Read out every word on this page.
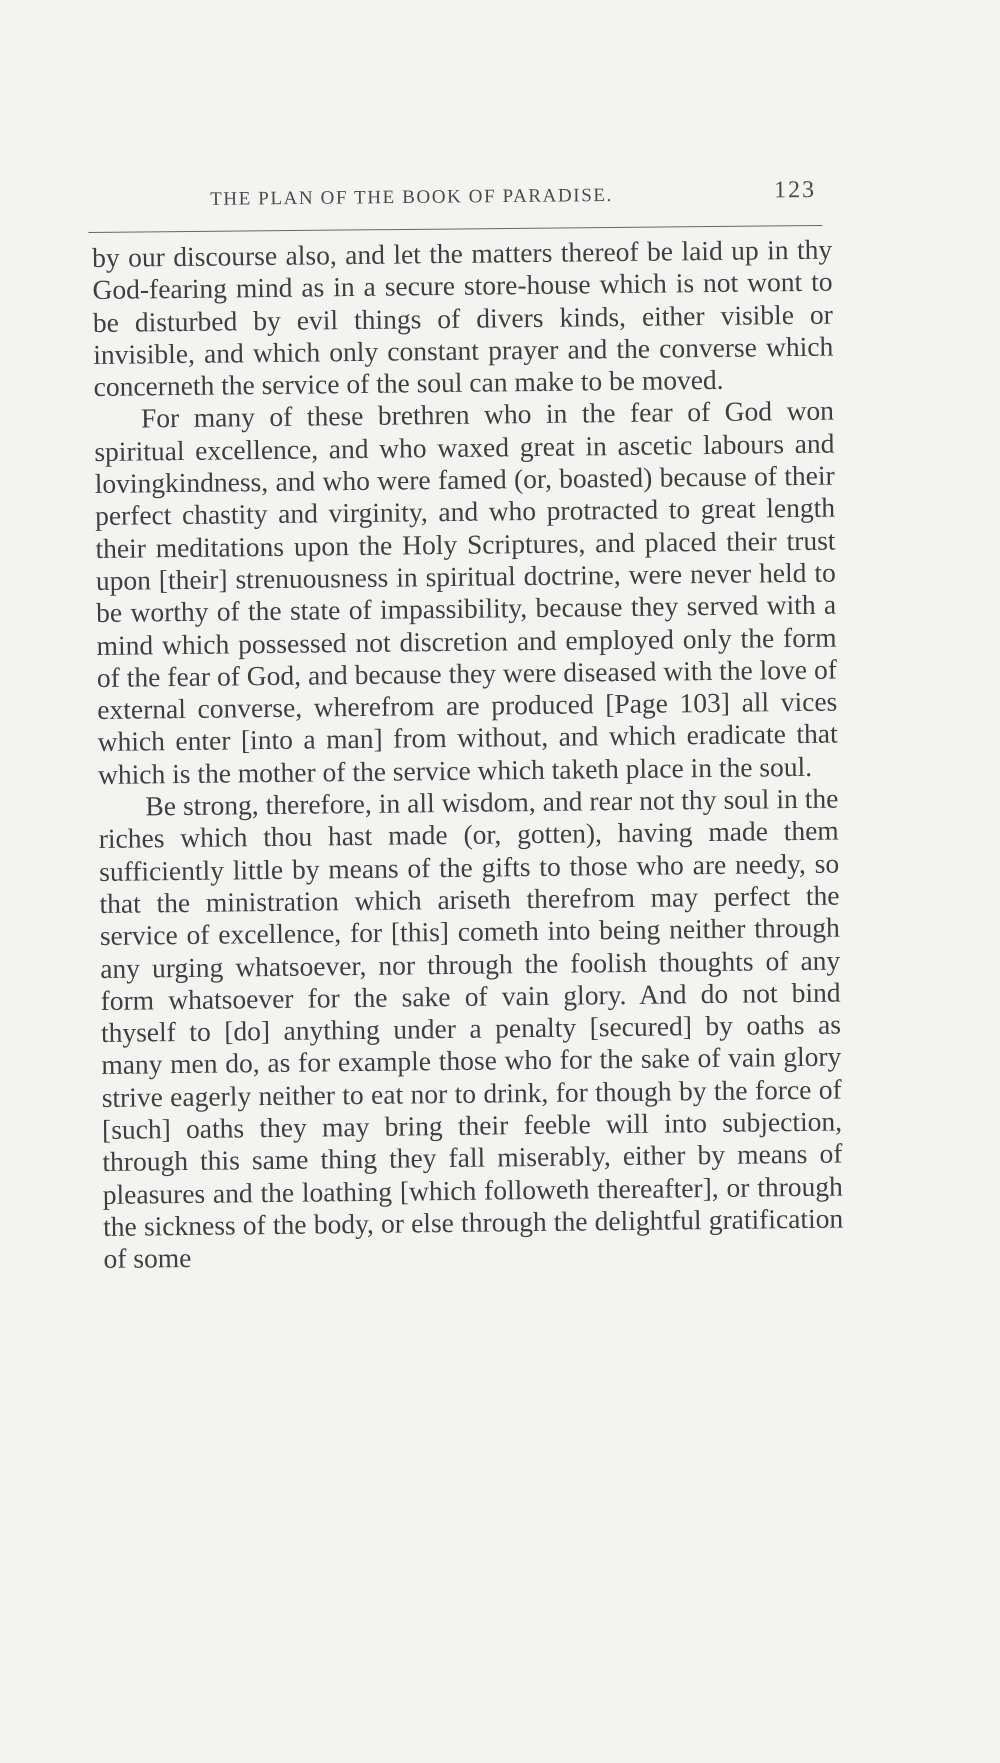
THE PLAN OF THE BOOK OF PARADISE.	123

by our discourse also, and let the matters thereof be laid up in thy God-fearing mind as in a secure store-house which is not wont to be disturbed by evil things of divers kinds, either visible or invisible, and which only constant prayer and the converse which concerneth the service of the soul can make to be moved.

For many of these brethren who in the fear of God won spiritual excellence, and who waxed great in ascetic labours and lovingkindness, and who were famed (or, boasted) because of their perfect chastity and virginity, and who protracted to great length their meditations upon the Holy Scriptures, and placed their trust upon [their] strenuousness in spiritual doctrine, were never held to be worthy of the state of impassibility, because they served with a mind which possessed not discretion and employed only the form of the fear of God, and because they were diseased with the love of external converse, wherefrom are produced [Page 103] all vices which enter [into a man] from without, and which eradicate that which is the mother of the service which taketh place in the soul.

Be strong, therefore, in all wisdom, and rear not thy soul in the riches which thou hast made (or, gotten), having made them sufficiently little by means of the gifts to those who are needy, so that the ministration which ariseth therefrom may perfect the service of excellence, for [this] cometh into being neither through any urging whatsoever, nor through the foolish thoughts of any form whatsoever for the sake of vain glory. And do not bind thyself to [do] anything under a penalty [secured] by oaths as many men do, as for example those who for the sake of vain glory strive eagerly neither to eat nor to drink, for though by the force of [such] oaths they may bring their feeble will into subjection, through this same thing they fall miserably, either by means of pleasures and the loathing [which followeth thereafter], or through the sickness of the body, or else through the delightful gratification of some
